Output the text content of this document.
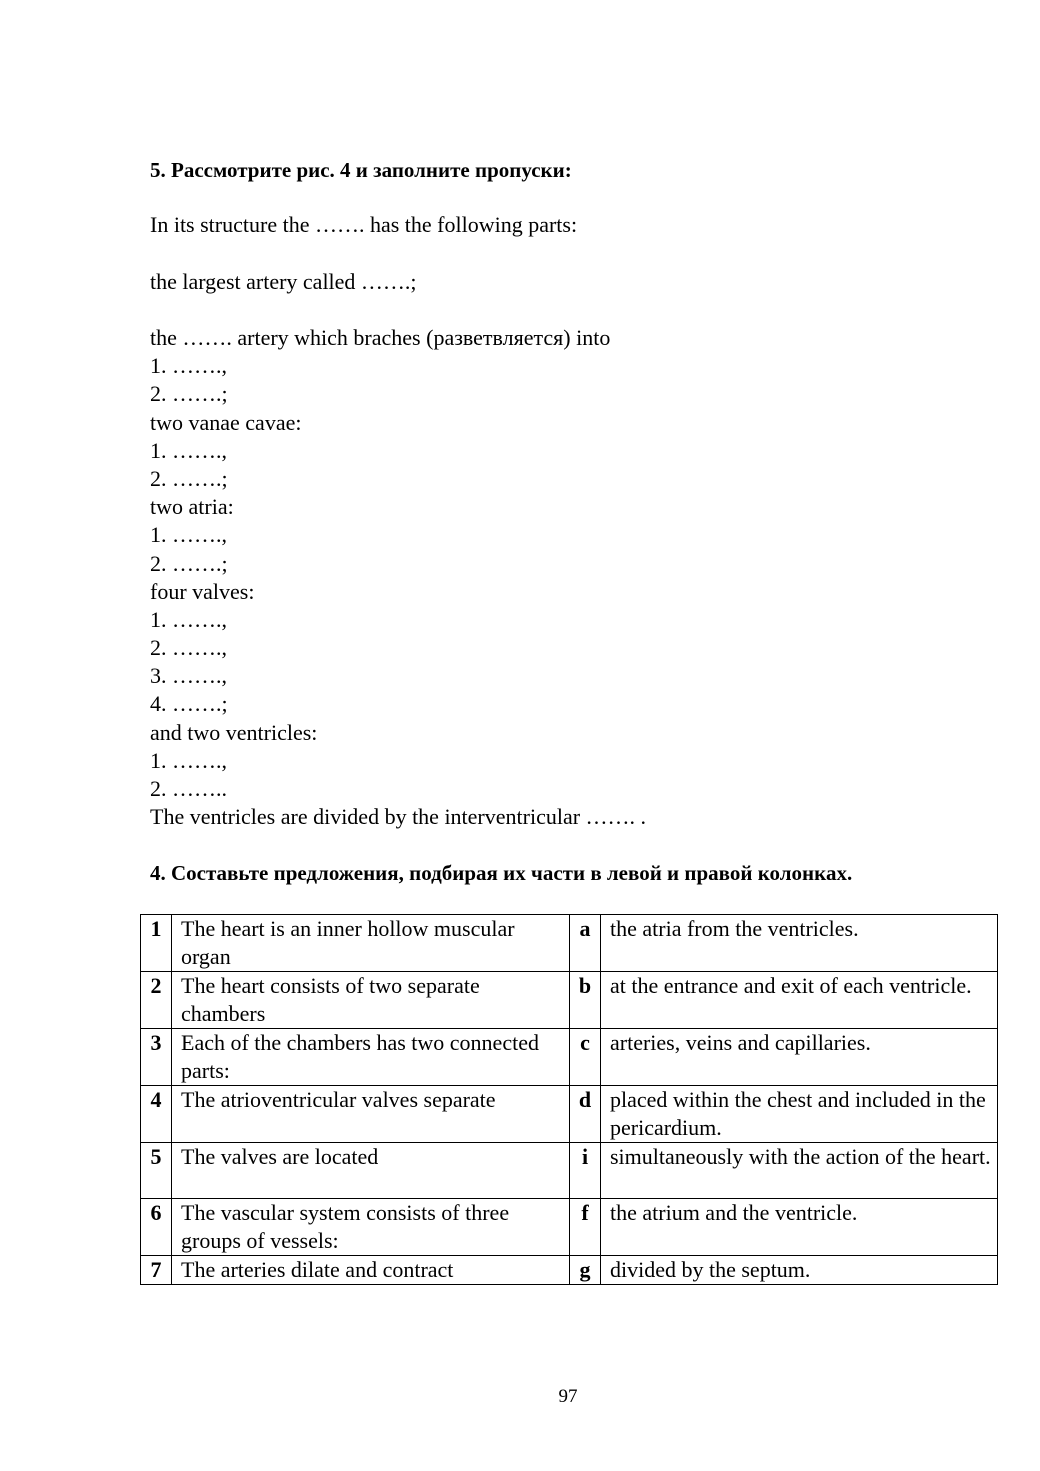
5. Рассмотрите рис. 4 и заполните пропуски:
In its structure the ……. has the following parts:
the largest artery called …….;
the ……. artery which braches (разветвляется) into
1. …….,
2. …….;
two vanae cavae:
1. …….,
2. …….;
two atria:
1. …….,
2. …….;
four valves:
1. …….,
2. …….,
3. …….,
4. …….;
and two ventricles:
1. …….,
2. ……..
The ventricles are divided by the interventricular ……. .
4. Составьте предложения, подбирая их части в левой и правой колонках.
1	The heart is an inner hollow muscular organ	a	the atria from the ventricles.
2	The heart consists of two separate chambers	b	at the entrance and exit of each ventricle.
3	Each of the chambers has two connected parts:	c	arteries, veins and capillaries.
4	The atrioventricular valves separate	d	placed within the chest and included in the pericardium.
5	The valves are located	i	simultaneously with the action of the heart.
6	The vascular system consists of three groups of vessels:	f	the atrium and the ventricle.
7	The arteries dilate and contract	g	divided by the septum.
97
